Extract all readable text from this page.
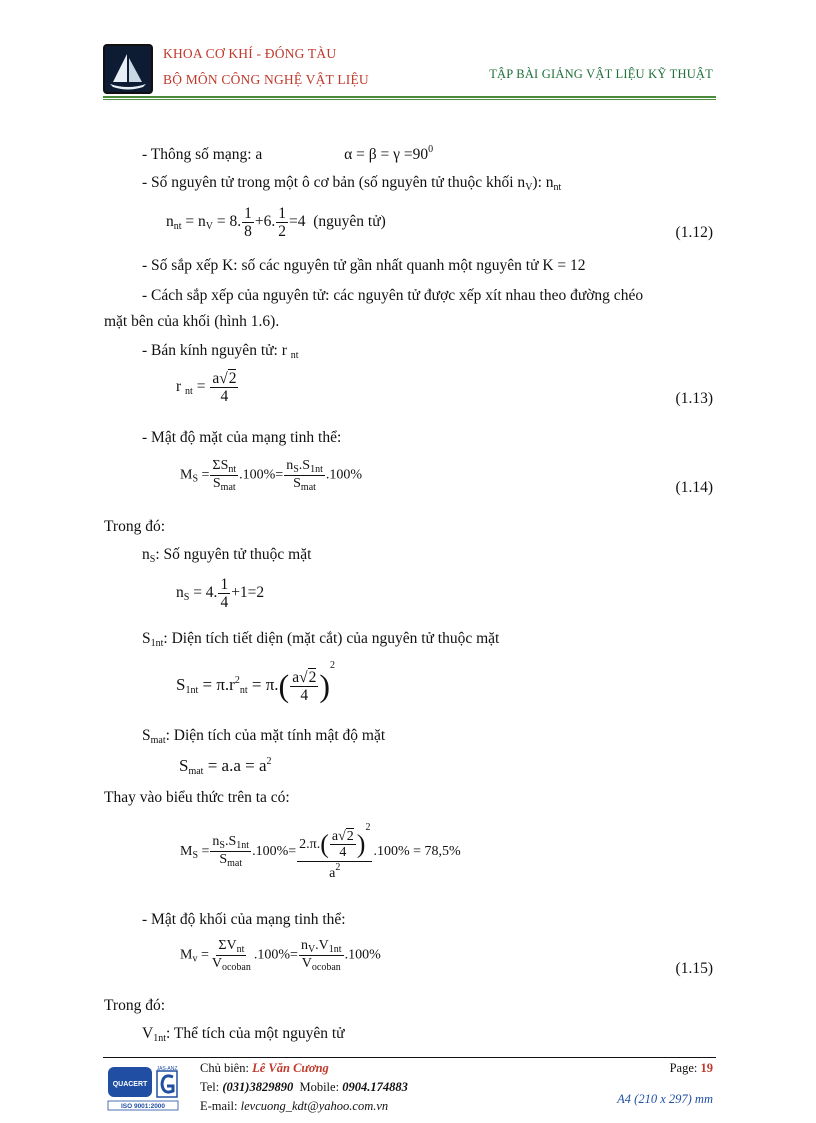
KHOA CƠ KHÍ - ĐÓNG TÀU
BỘ MÔN CÔNG NGHỆ VẬT LIỆU	TẬP BÀI GIẢNG VẬT LIỆU KỸ THUẬT
- Thông số mạng: a	$\alpha = \beta = \gamma =90^0$
- Số nguyên tử trong một ô cơ bản (số nguyên tử thuộc khối $n_V$): $n_{nt}$
$n_{nt} = n_V = 8$. $\frac{1}{8} +6$. $\frac{1}{2} =4$  (nguyên tử)
(1.12)
- Số sắp xếp K: số các nguyên tử gần nhất quanh một nguyên tử K = 12
- Cách sắp xếp của nguyên tử: các nguyên tử được xếp xít nhau theo đường chéo
mặt bên của khối (hình 1.6).
- Bán kính nguyên tử: r $_{nt}$
r $_{nt} = \frac{a√2}{4}$	(1.13)
- Mật độ mặt của mạng tinh thể:
$M_S = \frac{\Sigma S_{nt}}{S_{mat}} .100\%= \frac{n_S.S_{1nt}}{S_{mat}} .100\%$
(1.14)
Trong đó:
$n_S$: Số nguyên tử thuộc mặt
$n_S = 4$. $\frac{1}{4} +1=2$
$S_{1nt}$: Diện tích tiết diện (mặt cắt) của nguyên tử thuộc mặt
$S_{1nt} = \pi.r^2_{nt} = \pi.( \frac{a√2}{4} )^2$
$S_{mat}$: Diện tích của mặt tính mật độ mặt
$S_{mat} = a.a = a^2$
Thay vào biểu thức trên ta có:
$M_S = \frac{n_S.S_{1nt}}{S_{mat}} .100\%= \frac{2.\pi.( \frac{a√2}{4} )^2}{a^2} .100\% = 78,5\%$
- Mật độ khối của mạng tinh thể:
$M_v = \frac{\Sigma V_{nt}}{V_{ocoban}} .100\%= \frac{n_V.V_{1nt}}{V_{ocoban}} .100\%$
(1.15)
Trong đó:
$V_{1nt}$: Thể tích của một nguyên tử
QUACERT
JAS-ANZ
ISO 9001:2000
Chủ biên: Lê Văn Cương
Tel: (031)3829890  Mobile: 0904.174883
E-mail: levcuong_kdt@yahoo.com.vn
Page: 19
A4 (210 x 297) mm
